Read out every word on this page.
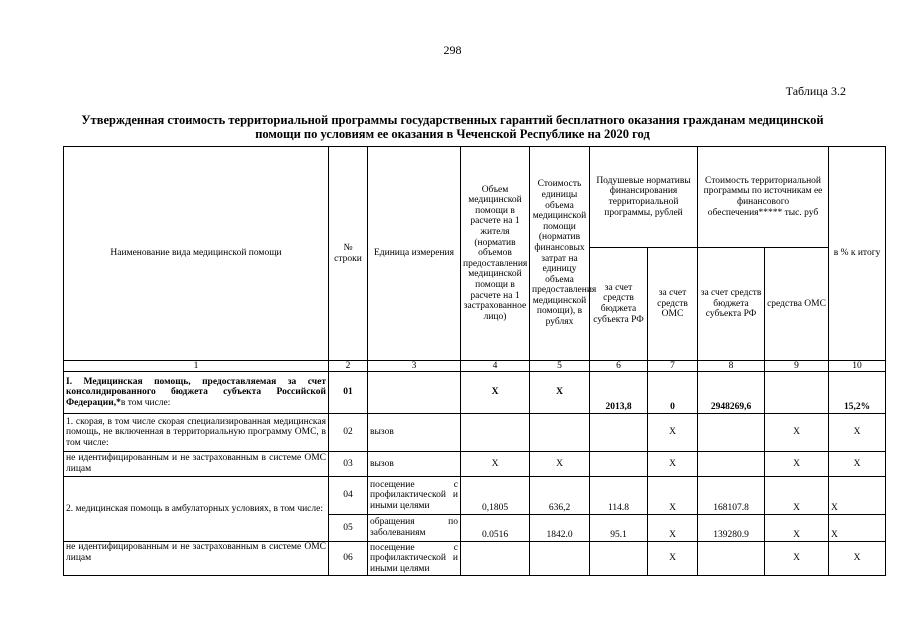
298
Таблица 3.2
Утвержденная стоимость территориальной программы государственных гарантий бесплатного оказания гражданам медицинской помощи по условиям ее оказания в Чеченской Республике на 2020 год
Наименование вида медицинской помощи	№ строки	Единица измерения	Объем медицинской помощи в расчете на 1 жителя (норматив объемов предоставления медицинской помощи в расчете на 1 застрахованное лицо)	Стоимость единицы объема медицинской помощи (норматив финансовых затрат на единицу объема предоставления медицинской помощи), в рублях	Подушевые нормативы финансирования территориальной программы, рублей		Стоимость территориальной программы по источникам ее финансового обеспечения***** тыс. руб		в % к итогу
					за счет средств бюджета субъекта РФ	за счет средств ОМС	за счет средств бюджета субъекта РФ	средства ОМС	
1	2	3	4	5	6	7	8	9	10
I. Медицинская помощь, предоставляемая за счет консолидированного бюджета субъекта Российской Федерации,*в том числе:	01		X	X	2013,8	0	2948269,6		15,2%
1. скорая, в том числе скорая специализированная медицинская помощь, не включенная в территориальную программу ОМС, в том числе:	02	вызов				X		X	X
не идентифицированным и не застрахованным в системе ОМС лицам	03	вызов	X	X		X		X	X
2. медицинская помощь в амбулаторных условиях, в том числе:	04	посещение с профилактической и иными целями	0,1805	636,2	114.8	X	168107.8	X	X
	05	обращения по заболеваниям	0.0516	1842.0	95.1	X	139280.9	X	X
не идентифицированным и не застрахованным в системе ОМС лицам	06	посещение с профилактической и иными целями				X		X	X
